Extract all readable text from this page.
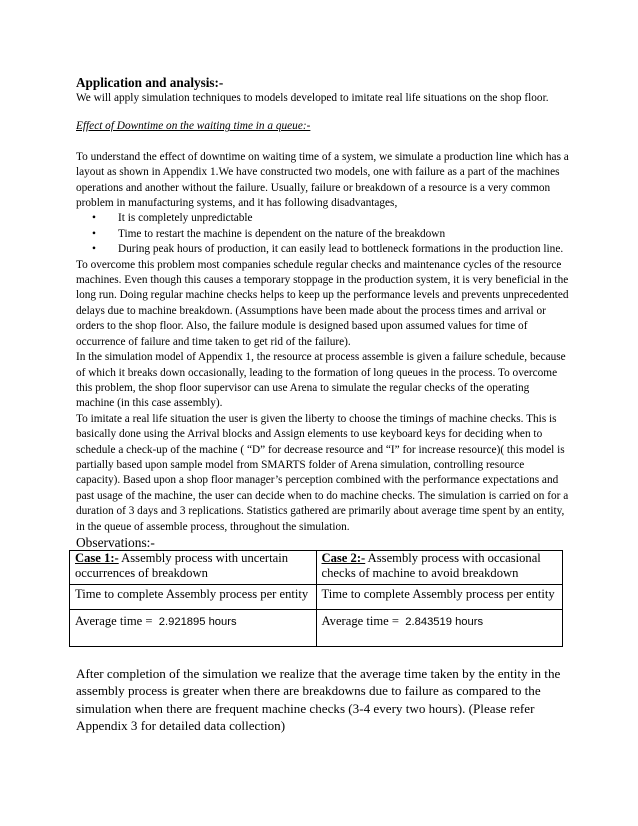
Application and analysis:-

We will apply simulation techniques to models developed to imitate real life situations on the shop floor.

Effect of Downtime on the waiting time in a queue:-

To understand the effect of downtime on waiting time of a system, we simulate a production line which has a layout as shown in Appendix 1.We have constructed two models, one with failure as a part of the machines operations and another without the failure. Usually, failure or breakdown of a resource is a very common problem in manufacturing systems, and it has following disadvantages,

• It is completely unpredictable
• Time to restart the machine is dependent on the nature of the breakdown
• During peak hours of production, it can easily lead to bottleneck formations in the production line.

To overcome this problem most companies schedule regular checks and maintenance cycles of the resource machines. Even though this causes a temporary stoppage in the production system, it is very beneficial in the long run. Doing regular machine checks helps to keep up the performance levels and prevents unprecedented delays due to machine breakdown. (Assumptions have been made about the process times and arrival or orders to the shop floor. Also, the failure module is designed based upon assumed values for time of occurrence of failure and time taken to get rid of the failure).

In the simulation model of Appendix 1, the resource at process assemble is given a failure schedule, because of which it breaks down occasionally, leading to the formation of long queues in the process. To overcome this problem, the shop floor supervisor can use Arena to simulate the regular checks of the operating machine (in this case assembly).

To imitate a real life situation the user is given the liberty to choose the timings of machine checks. This is basically done using the Arrival blocks and Assign elements to use keyboard keys for deciding when to schedule a check-up of the machine ( “D” for decrease resource and “I” for increase resource)( this model is partially based upon sample model from SMARTS folder of Arena simulation, controlling resource capacity). Based upon a shop floor manager’s perception combined with the performance expectations and past usage of the machine, the user can decide when to do machine checks. The simulation is carried on for a duration of 3 days and 3 replications. Statistics gathered are primarily about average time spent by an entity, in the queue of assemble process, throughout the simulation.

Observations:-

Case 1:- Assembly process with uncertain occurrences of breakdown	Case 2:- Assembly process with occasional checks of machine to avoid breakdown
Time to complete Assembly process per entity	Time to complete Assembly process per entity
Average time =  2.921895 hours	Average time =  2.843519 hours

After completion of the simulation we realize that the average time taken by the entity in the assembly process is greater when there are breakdowns due to failure as compared to the simulation when there are frequent machine checks (3-4 every two hours). (Please refer Appendix 3 for detailed data collection)
